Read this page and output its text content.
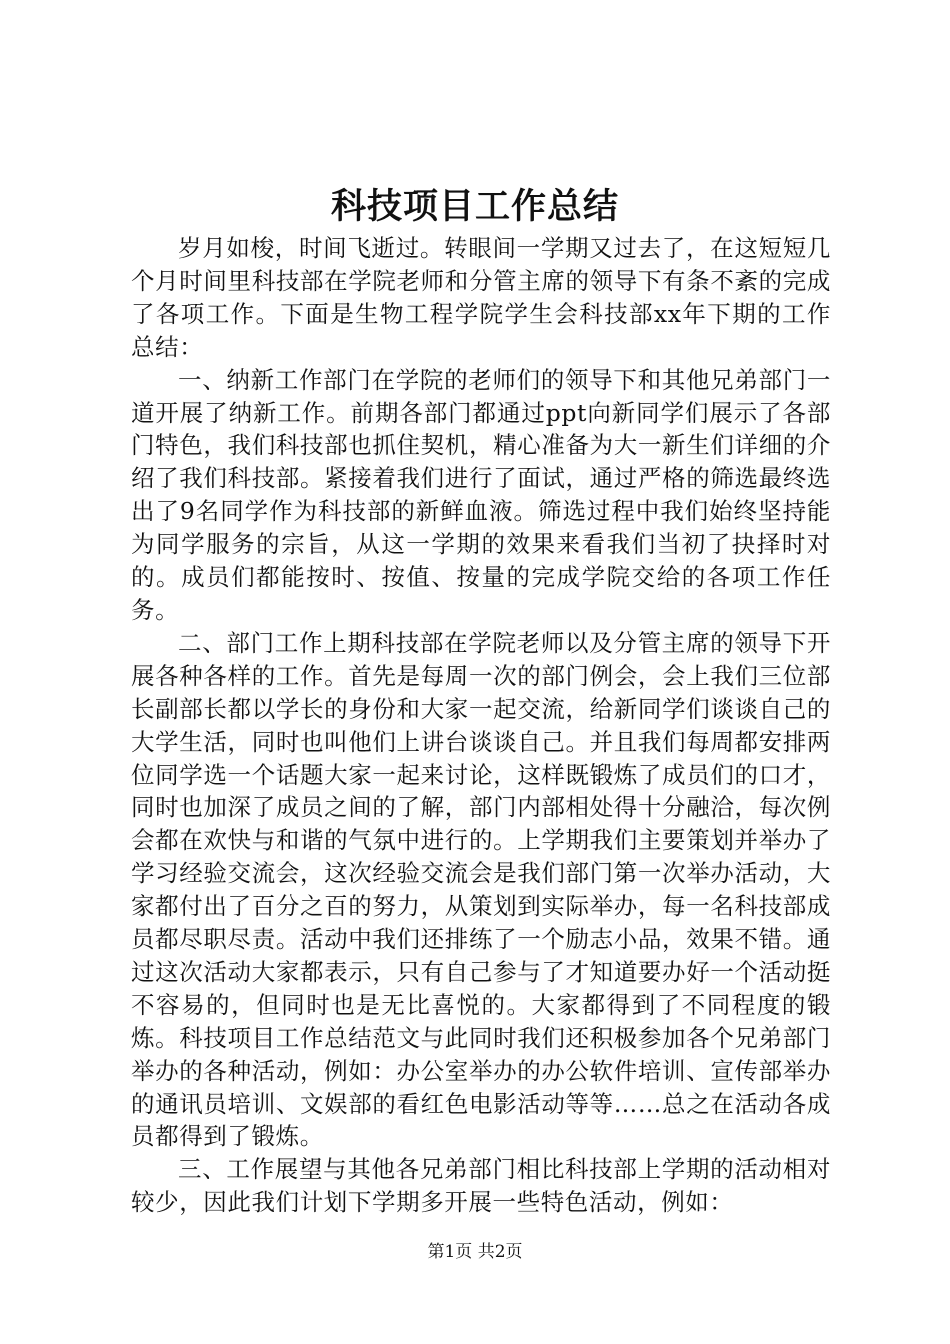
科技项目工作总结

岁月如梭，时间飞逝过。转眼间一学期又过去了，在这短短几个月时间里科技部在学院老师和分管主席的领导下有条不紊的完成了各项工作。下面是生物工程学院学生会科技部xx年下期的工作总结：

一、纳新工作部门在学院的老师们的领导下和其他兄弟部门一道开展了纳新工作。前期各部门都通过ppt向新同学们展示了各部门特色，我们科技部也抓住契机，精心准备为大一新生们详细的介绍了我们科技部。紧接着我们进行了面试，通过严格的筛选最终选出了9名同学作为科技部的新鲜血液。筛选过程中我们始终坚持能为同学服务的宗旨，从这一学期的效果来看我们当初了抉择时对的。成员们都能按时、按值、按量的完成学院交给的各项工作任务。

二、部门工作上期科技部在学院老师以及分管主席的领导下开展各种各样的工作。首先是每周一次的部门例会，会上我们三位部长副部长都以学长的身份和大家一起交流，给新同学们谈谈自己的大学生活，同时也叫他们上讲台谈谈自己。并且我们每周都安排两位同学选一个话题大家一起来讨论，这样既锻炼了成员们的口才，同时也加深了成员之间的了解，部门内部相处得十分融洽，每次例会都在欢快与和谐的气氛中进行的。上学期我们主要策划并举办了学习经验交流会，这次经验交流会是我们部门第一次举办活动，大家都付出了百分之百的努力，从策划到实际举办，每一名科技部成员都尽职尽责。活动中我们还排练了一个励志小品，效果不错。通过这次活动大家都表示，只有自己参与了才知道要办好一个活动挺不容易的，但同时也是无比喜悦的。大家都得到了不同程度的锻炼。科技项目工作总结范文与此同时我们还积极参加各个兄弟部门举办的各种活动，例如：办公室举办的办公软件培训、宣传部举办的通讯员培训、文娱部的看红色电影活动等等……总之在活动各成员都得到了锻炼。

三、工作展望与其他各兄弟部门相比科技部上学期的活动相对较少，因此我们计划下学期多开展一些特色活动，例如：

第1页 共2页
